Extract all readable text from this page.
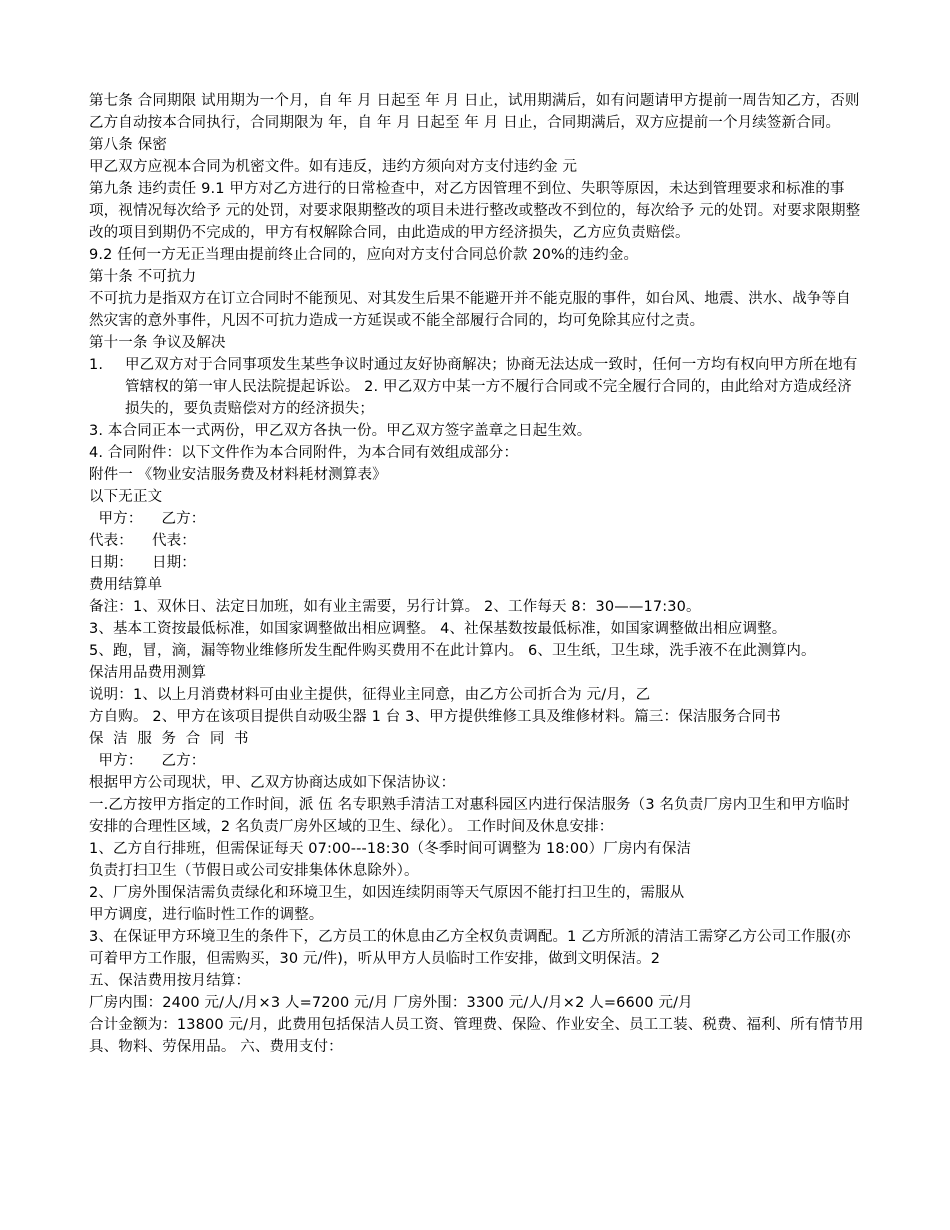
第七条 合同期限 试用期为一个月，自 年 月 日起至 年 月 日止，试用期满后，如有问题请甲方提前一周告知乙方，否则乙方自动按本合同执行，合同期限为 年，自 年 月 日起至 年 月 日止，合同期满后，双方应提前一个月续签新合同。

第八条 保密

甲乙双方应视本合同为机密文件。如有违反，违约方须向对方支付违约金 元

第九条 违约责任 9.1 甲方对乙方进行的日常检查中，对乙方因管理不到位、失职等原因，未达到管理要求和标准的事项，视情况每次给予 元的处罚，对要求限期整改的项目未进行整改或整改不到位的，每次给予 元的处罚。对要求限期整改的项目到期仍不完成的，甲方有权解除合同，由此造成的甲方经济损失，乙方应负责赔偿。

9.2 任何一方无正当理由提前终止合同的，应向对方支付合同总价款 20%的违约金。

第十条 不可抗力

不可抗力是指双方在订立合同时不能预见、对其发生后果不能避开并不能克服的事件，如台风、地震、洪水、战争等自然灾害的意外事件，凡因不可抗力造成一方延误或不能全部履行合同的，均可免除其应付之责。

第十一条 争议及解决

1.	甲乙双方对于合同事项发生某些争议时通过友好协商解决；协商无法达成一致时，任何一方均有权向甲方所在地有管辖权的第一审人民法院提起诉讼。 2. 甲乙双方中某一方不履行合同或不完全履行合同的，由此给对方造成经济损失的，要负责赔偿对方的经济损失；

3. 本合同正本一式两份，甲乙双方各执一份。甲乙双方签字盖章之日起生效。

4. 合同附件：以下文件作为本合同附件，为本合同有效组成部分：

附件一 《物业安洁服务费及材料耗材测算表》

以下无正文

甲方：    乙方：

代表：    代表：

日期：    日期：

费用结算单

备注：1、双休日、法定日加班，如有业主需要，另行计算。 2、工作每天 8：30——17:30。

3、基本工资按最低标准，如国家调整做出相应调整。 4、社保基数按最低标准，如国家调整做出相应调整。

5、跑，冒，滴，漏等物业维修所发生配件购买费用不在此计算内。 6、卫生纸，卫生球，洗手液不在此测算内。

保洁用品费用测算

说明：1、以上月消费材料可由业主提供，征得业主同意，由乙方公司折合为 元/月，乙

方自购。 2、甲方在该项目提供自动吸尘器 1 台 3、甲方提供维修工具及维修材料。篇三：保洁服务合同书

保  洁  服  务  合  同  书

甲方：    乙方：

根据甲方公司现状，甲、乙双方协商达成如下保洁协议：

一.乙方按甲方指定的工作时间，派 伍 名专职熟手清洁工对惠科园区内进行保洁服务（3 名负责厂房内卫生和甲方临时安排的合理性区域，2 名负责厂房外区域的卫生、绿化）。 工作时间及休息安排：

1、乙方自行排班，但需保证每天 07:00---18:30（冬季时间可调整为 18:00）厂房内有保洁

负责打扫卫生（节假日或公司安排集体休息除外）。

2、厂房外围保洁需负责绿化和环境卫生，如因连续阴雨等天气原因不能打扫卫生的，需服从

甲方调度，进行临时性工作的调整。

3、在保证甲方环境卫生的条件下，乙方员工的休息由乙方全权负责调配。1 乙方所派的清洁工需穿乙方公司工作服(亦可着甲方工作服，但需购买，30 元/件)，听从甲方人员临时工作安排，做到文明保洁。2

五、保洁费用按月结算：

厂房内围：2400 元/人/月×3 人=7200 元/月 厂房外围：3300 元/人/月×2 人=6600 元/月

合计金额为：13800 元/月，此费用包括保洁人员工资、管理费、保险、作业安全、员工工装、税费、福利、所有情节用具、物料、劳保用品。 六、费用支付：
